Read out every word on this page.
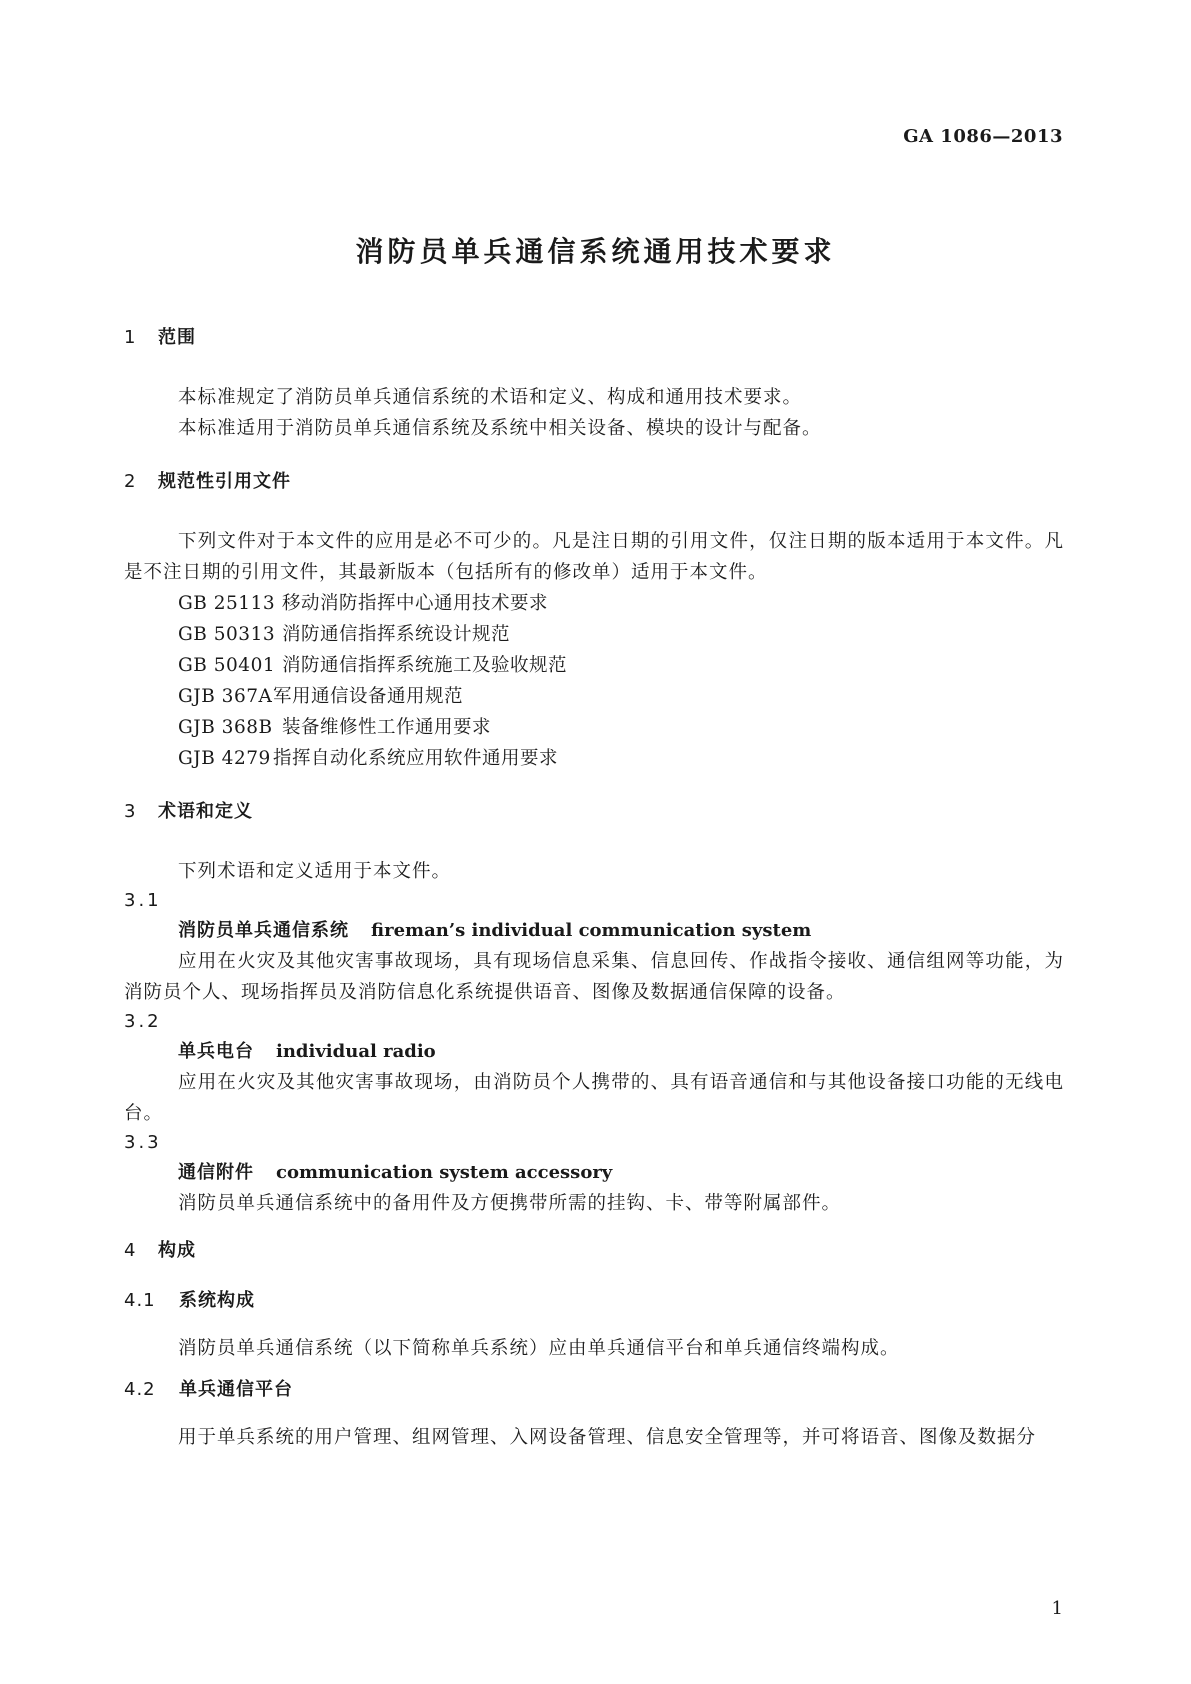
GA 1086—2013
消防员单兵通信系统通用技术要求
1 范围
本标准规定了消防员单兵通信系统的术语和定义、构成和通用技术要求。
本标准适用于消防员单兵通信系统及系统中相关设备、模块的设计与配备。
2 规范性引用文件
下列文件对于本文件的应用是必不可少的。凡是注日期的引用文件，仅注日期的版本适用于本文件。凡是不注日期的引用文件，其最新版本（包括所有的修改单）适用于本文件。
GB 25113 移动消防指挥中心通用技术要求
GB 50313 消防通信指挥系统设计规范
GB 50401 消防通信指挥系统施工及验收规范
GJB 367A军用通信设备通用规范
GJB 368B 装备维修性工作通用要求
GJB 4279 指挥自动化系统应用软件通用要求
3 术语和定义
下列术语和定义适用于本文件。
3.1
消防员单兵通信系统 fireman’s individual communication system
应用在火灾及其他灾害事故现场，具有现场信息采集、信息回传、作战指令接收、通信组网等功能，为消防员个人、现场指挥员及消防信息化系统提供语音、图像及数据通信保障的设备。
3.2
单兵电台 individual radio
应用在火灾及其他灾害事故现场，由消防员个人携带的、具有语音通信和与其他设备接口功能的无线电台。
3.3
通信附件 communication system accessory
消防员单兵通信系统中的备用件及方便携带所需的挂钩、卡、带等附属部件。
4 构成
4.1 系统构成
消防员单兵通信系统（以下简称单兵系统）应由单兵通信平台和单兵通信终端构成。
4.2 单兵通信平台
用于单兵系统的用户管理、组网管理、入网设备管理、信息安全管理等，并可将语音、图像及数据分
1
